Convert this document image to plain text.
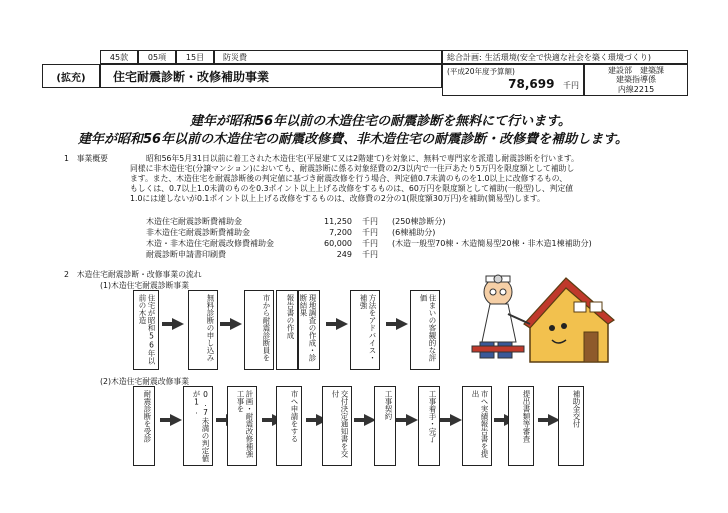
45款	05項	15目	防災費	総合計画: 生活環境(安全で快適な社会を築く環境づくり)
(拡充)	住宅耐震診断・改修補助事業	(平成20年度予算額)
78,699 千円
建設部　建築課
建築指導係
内線2215
建年が昭和56年以前の木造住宅の耐震診断を無料にて行います。
建年が昭和56年以前の木造住宅の耐震改修費、非木造住宅の耐震診断・改修費を補助します。
1　事業概要	昭和56年5月31日以前に着工された木造住宅(平屋建て又は2階建て)を対象に、無料で専門家を派遣し耐震診断を行います。
同様に非木造住宅(分譲マンション)においても、耐震診断に係る対象経費の2/3以内で一住戸あたり5万円を限度額として補助し
ます。また、木造住宅を耐震診断後の判定値に基づき耐震改修を行う場合、判定値0.7未満のものを1.0以上に改修するもの、
もしくは、0.7以上1.0未満のものを0.3ポイント以上上げる改修をするものは、60万円を限度額として補助(一般型)し、判定値
1.0には達しないが0.1ポイント以上上げる改修をするものは、改修費の2分の1(限度額30万円)を補助(簡易型)します。
木造住宅耐震診断費補助金	11,250 千円 (250棟診断分)
非木造住宅耐震診断費補助金	7,200 千円 (6棟補助分)
木造・非木造住宅耐震改修費補助金	60,000 千円 (木造一般型70棟・木造簡易型20棟・非木造1棟補助分)
耐震診断申請書印刷費	249 千円
2　木造住宅耐震診断・改修事業の流れ
(1)木造住宅耐震診断事業
住宅が昭和56年以前の木造	無料診断の申し込み	市から耐震診断員を	現地調査の作成・診断結果
報告書の作成	方法をアドバイス・補強	住まいの客観的な評価
(2)木造住宅耐震改修事業
耐震診断を受診	0.7未満の判定値が1.	計画・耐震改修補強工事を	市へ申請をする	交付決定通知書を交付	工事契約	工事着手・完了	市へ実績報告書を提出	提出書類等審査	補助金交付
